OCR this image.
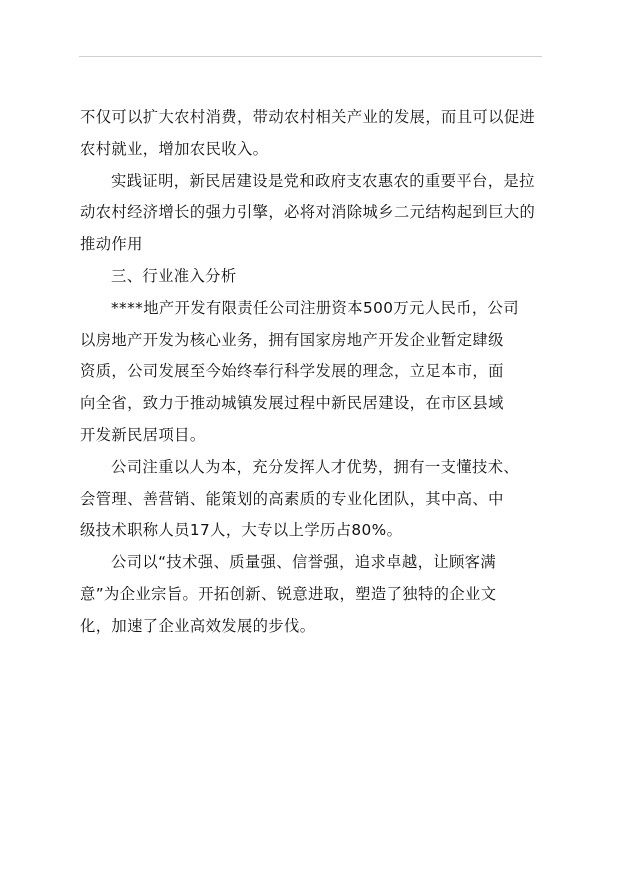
不仅可以扩大农村消费，带动农村相关产业的发展，而且可以促进
农村就业，增加农民收入。
实践证明，新民居建设是党和政府支农惠农的重要平台，是拉
动农村经济增长的强力引擎，必将对消除城乡二元结构起到巨大的
推动作用
三、行业准入分析
****地产开发有限责任公司注册资本500万元人民币，公司
以房地产开发为核心业务，拥有国家房地产开发企业暂定肆级
资质，公司发展至今始终奉行科学发展的理念，立足本市，面
向全省，致力于推动城镇发展过程中新民居建设，在市区县域
开发新民居项目。
公司注重以人为本，充分发挥人才优势，拥有一支懂技术、
会管理、善营销、能策划的高素质的专业化团队，其中高、中
级技术职称人员17人，大专以上学历占80%。
公司以“技术强、质量强、信誉强，追求卓越，让顾客满
意”为企业宗旨。开拓创新、锐意进取，塑造了独特的企业文
化，加速了企业高效发展的步伐。
